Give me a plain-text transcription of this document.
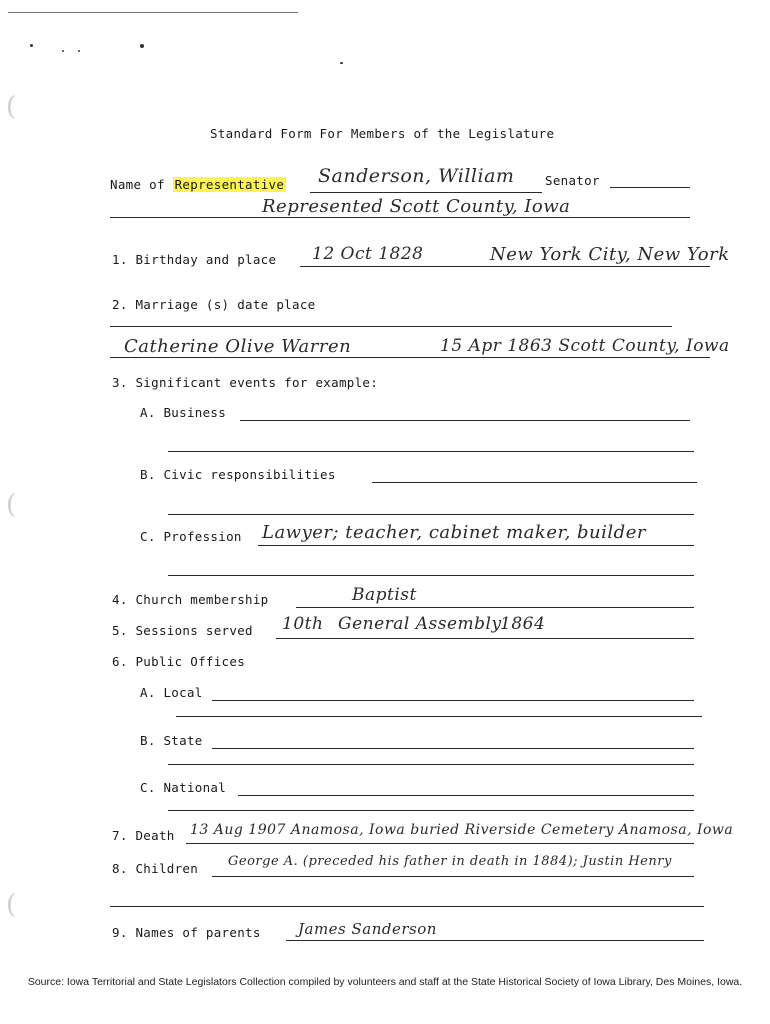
(
(
(
Standard Form For Members of the Legislature
Name of Representative Sanderson, William Senator
Represented Scott County, Iowa
1. Birthday and place 12 Oct 1828	New York City, New York
2. Marriage (s) date place
Catherine Olive Warren	15 Apr 1863 Scott County, Iowa
3. Significant events for example:
A. Business
B. Civic responsibilities
C. Profession Lawyer; teacher, cabinet maker, builder
4. Church membership	Baptist
5. Sessions served 10th General Assembly
1864
6. Public Offices
A. Local
B. State
C. National
7. Death 13 Aug 1907 Anamosa, Iowa buried Riverside Cemetery Anamosa, Iowa
8. Children George A. (preceded his father in death in 1884); Justin Henry
9. Names of parents James Sanderson
Source: Iowa Territorial and State Legislators Collection compiled by volunteers and staff at the State Historical Society of Iowa Library, Des Moines, Iowa.
